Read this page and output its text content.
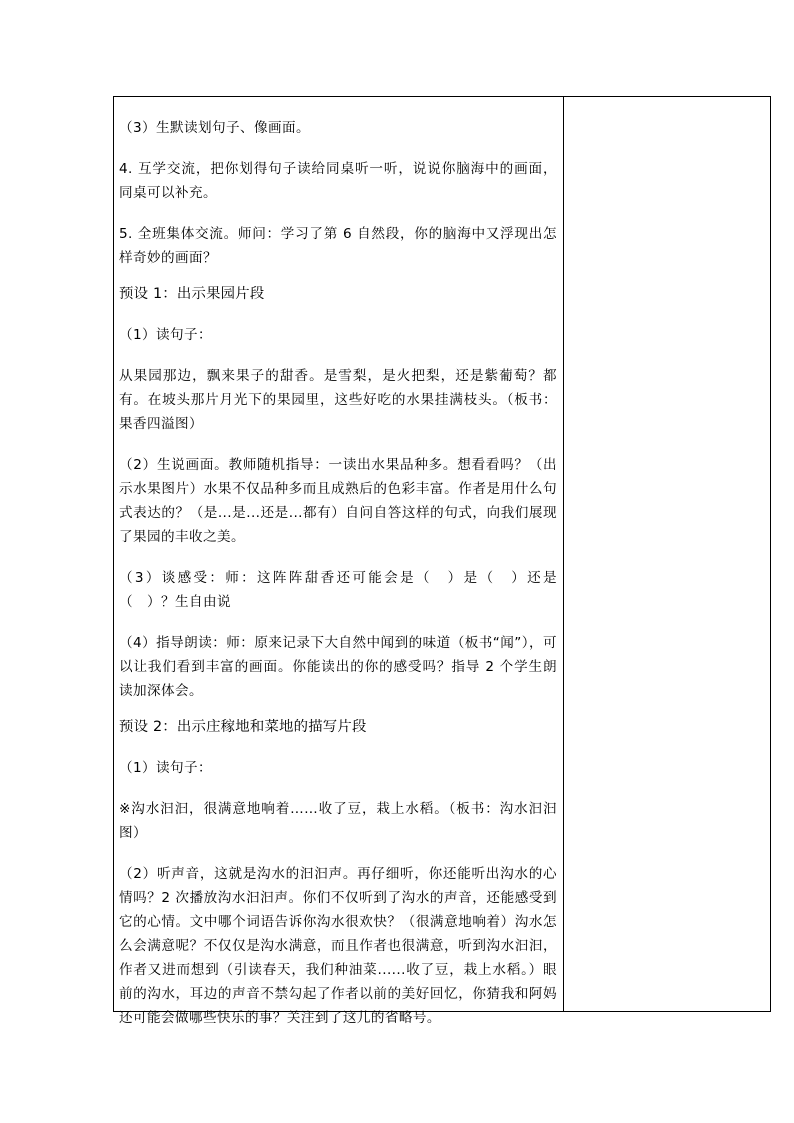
（3）生默读划句子、像画面。

4. 互学交流，把你划得句子读给同桌听一听，说说你脑海中的画面，同桌可以补充。

5. 全班集体交流。师问：学习了第 6 自然段，你的脑海中又浮现出怎样奇妙的画面？

预设 1：出示果园片段

（1）读句子：

从果园那边，飘来果子的甜香。是雪梨，是火把梨，还是紫葡萄？都有。在坡头那片月光下的果园里，这些好吃的水果挂满枝头。（板书：果香四溢图）

（2）生说画面。教师随机指导：一读出水果品种多。想看看吗？（出示水果图片）水果不仅品种多而且成熟后的色彩丰富。作者是用什么句式表达的？（是...是...还是...都有）自问自答这样的句式，向我们展现了果园的丰收之美。

（3）谈感受：师：这阵阵甜香还可能会是（　）是（　）还是（　）？生自由说

（4）指导朗读：师：原来记录下大自然中闻到的味道（板书“闻”），可以让我们看到丰富的画面。你能读出的你的感受吗？指导 2 个学生朗读加深体会。

预设 2：出示庄稼地和菜地的描写片段

（1）读句子：

※沟水汩汩，很满意地响着……收了豆，栽上水稻。（板书：沟水汩汩图）

（2）听声音，这就是沟水的汩汩声。再仔细听，你还能听出沟水的心情吗？2 次播放沟水汩汩声。你们不仅听到了沟水的声音，还能感受到它的心情。文中哪个词语告诉你沟水很欢快？（很满意地响着）沟水怎么会满意呢？不仅仅是沟水满意，而且作者也很满意，听到沟水汩汩，作者又进而想到（引读春天，我们种油菜......收了豆，栽上水稻。）眼前的沟水，耳边的声音不禁勾起了作者以前的美好回忆，你猜我和阿妈还可能会做哪些快乐的事？关注到了这儿的省略号。
